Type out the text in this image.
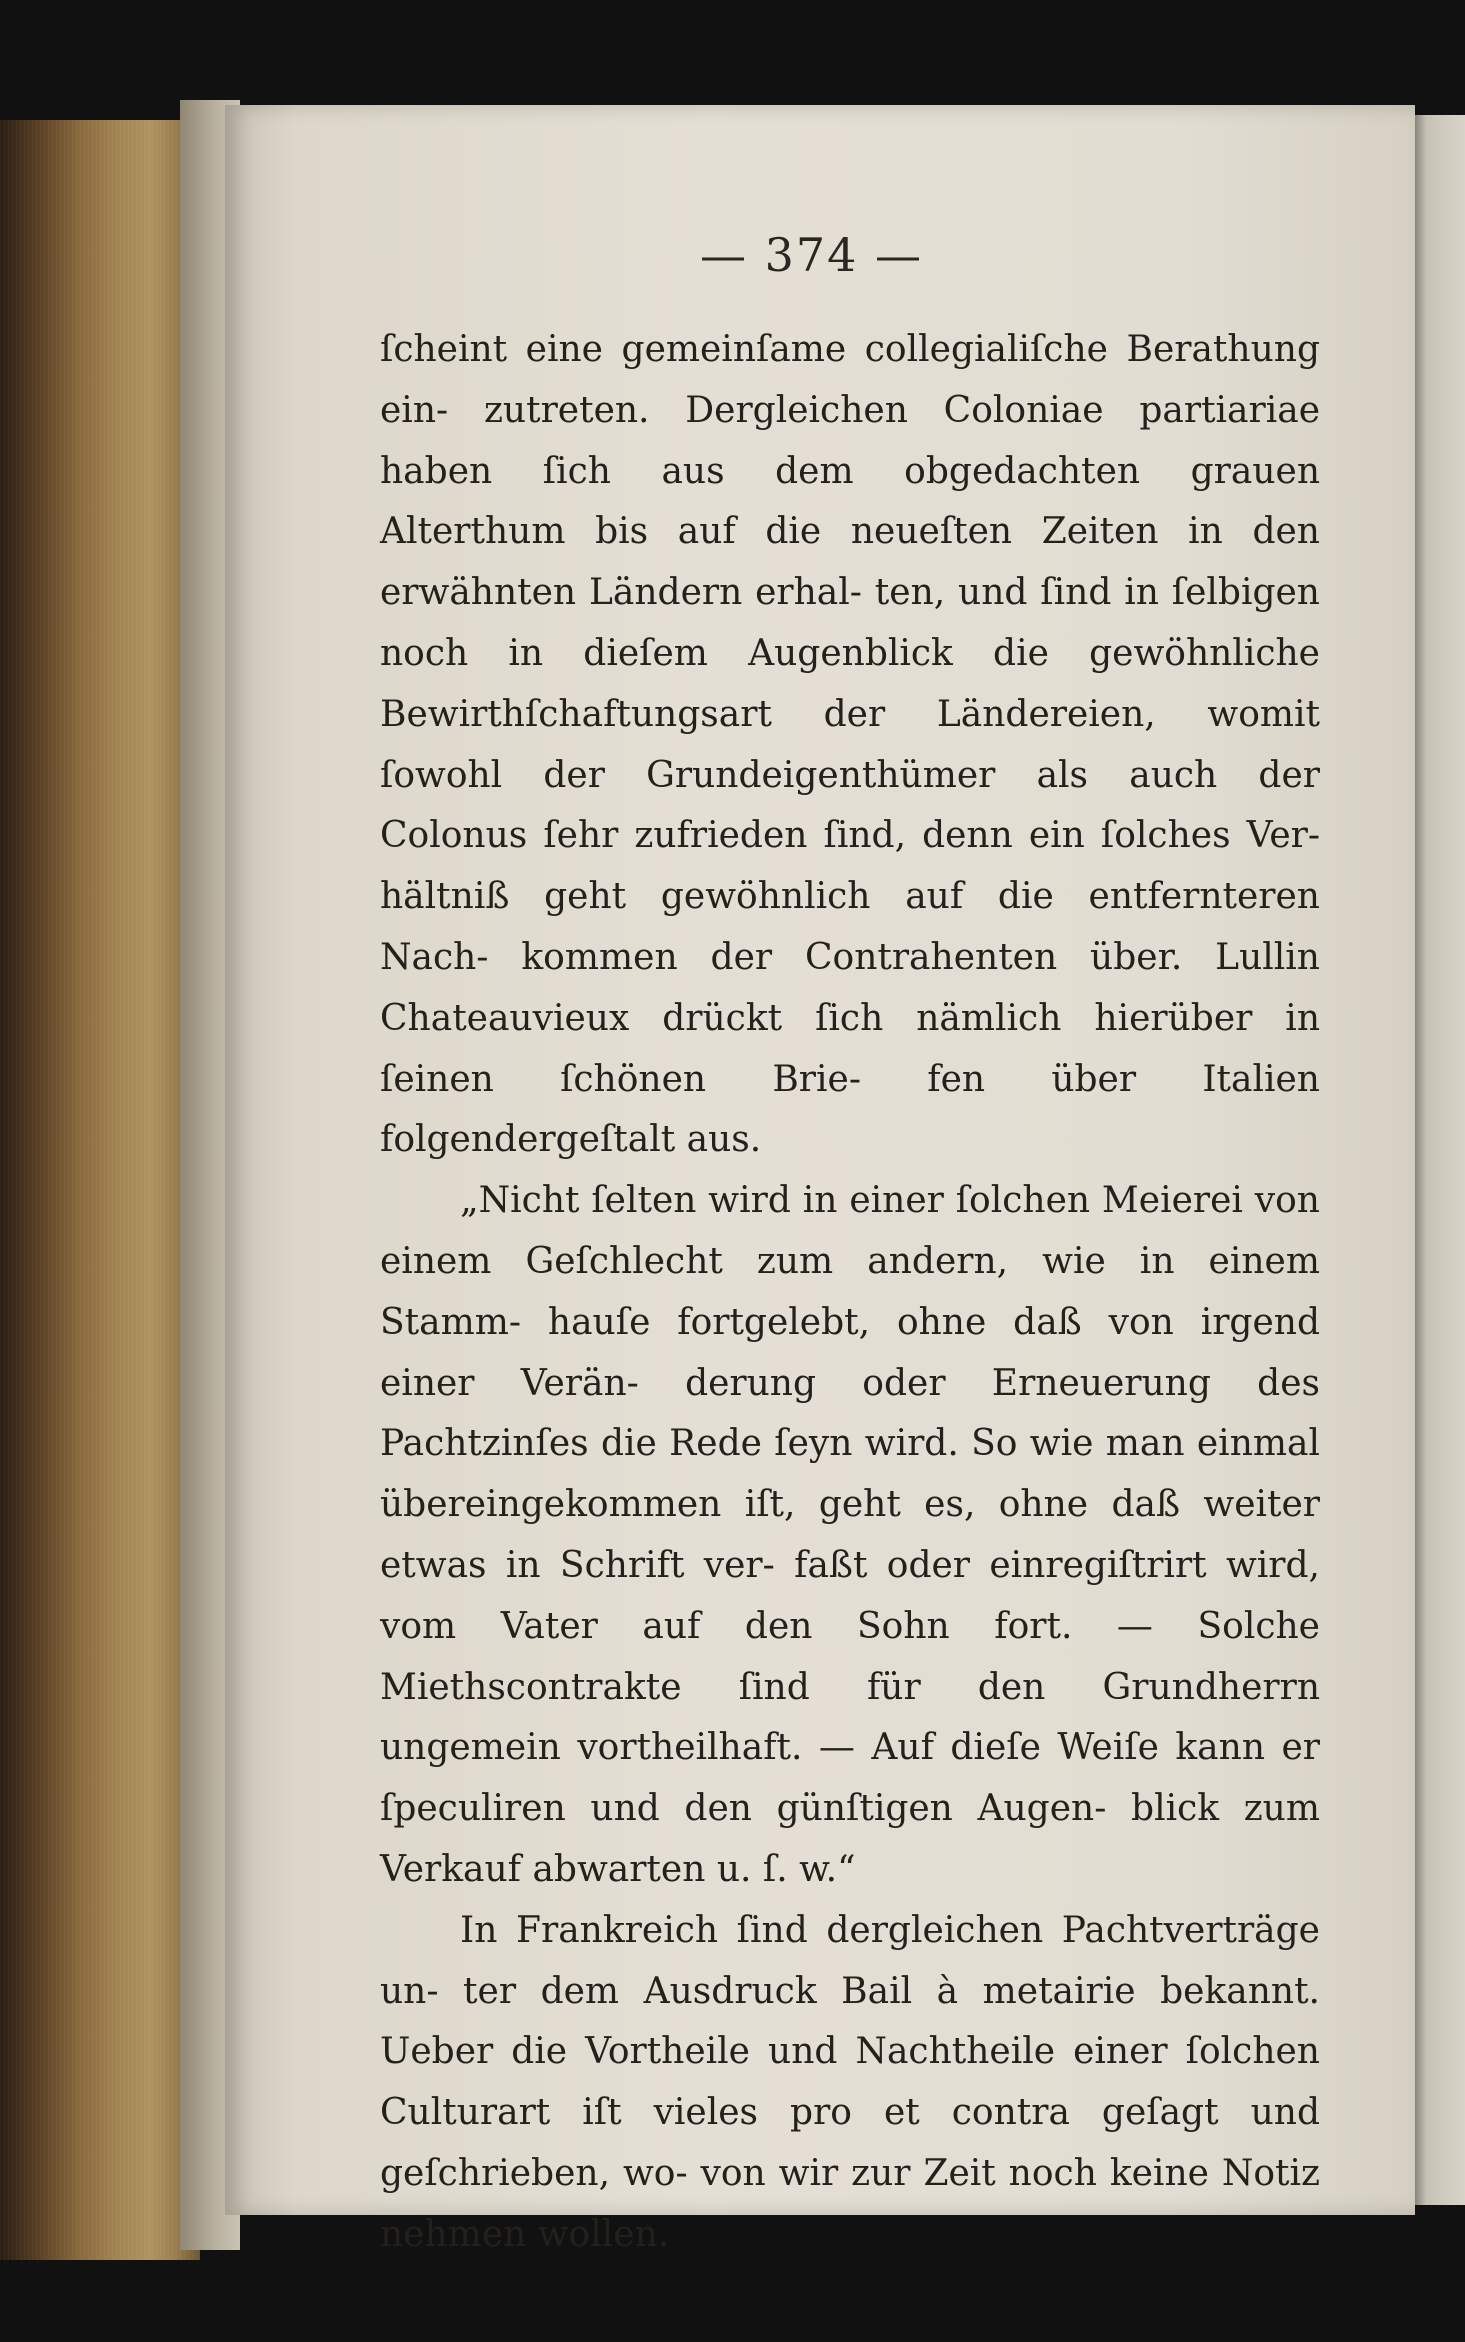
— 374 —

ſcheint eine gemeinſame collegialiſche Berathung ein- zutreten. Dergleichen Coloniae partiariae haben ſich aus dem obgedachten grauen Alterthum bis auf die neueſten Zeiten in den erwähnten Ländern erhal- ten, und ſind in ſelbigen noch in dieſem Augenblick die gewöhnliche Bewirthſchaftungsart der Ländereien, womit ſowohl der Grundeigenthümer als auch der Colonus ſehr zufrieden ſind, denn ein ſolches Ver- hältniß geht gewöhnlich auf die entfernteren Nach- kommen der Contrahenten über. Lullin Chateauvieux drückt ſich nämlich hierüber in ſeinen ſchönen Brie- fen über Italien folgendergeſtalt aus.

„Nicht ſelten wird in einer ſolchen Meierei von einem Geſchlecht zum andern, wie in einem Stamm- hauſe fortgelebt, ohne daß von irgend einer Verän- derung oder Erneuerung des Pachtzinſes die Rede ſeyn wird. So wie man einmal übereingekommen iſt, geht es, ohne daß weiter etwas in Schrift ver- faßt oder einregiſtrirt wird, vom Vater auf den Sohn fort. — Solche Miethscontrakte ſind für den Grundherrn ungemein vortheilhaft. — Auf dieſe Weiſe kann er ſpeculiren und den günſtigen Augen- blick zum Verkauf abwarten u. ſ. w.“

In Frankreich ſind dergleichen Pachtverträge un- ter dem Ausdruck Bail à metairie bekannt. Ueber die Vortheile und Nachtheile einer ſolchen Culturart iſt vieles pro et contra geſagt und geſchrieben, wo- von wir zur Zeit noch keine Notiz nehmen wollen.
